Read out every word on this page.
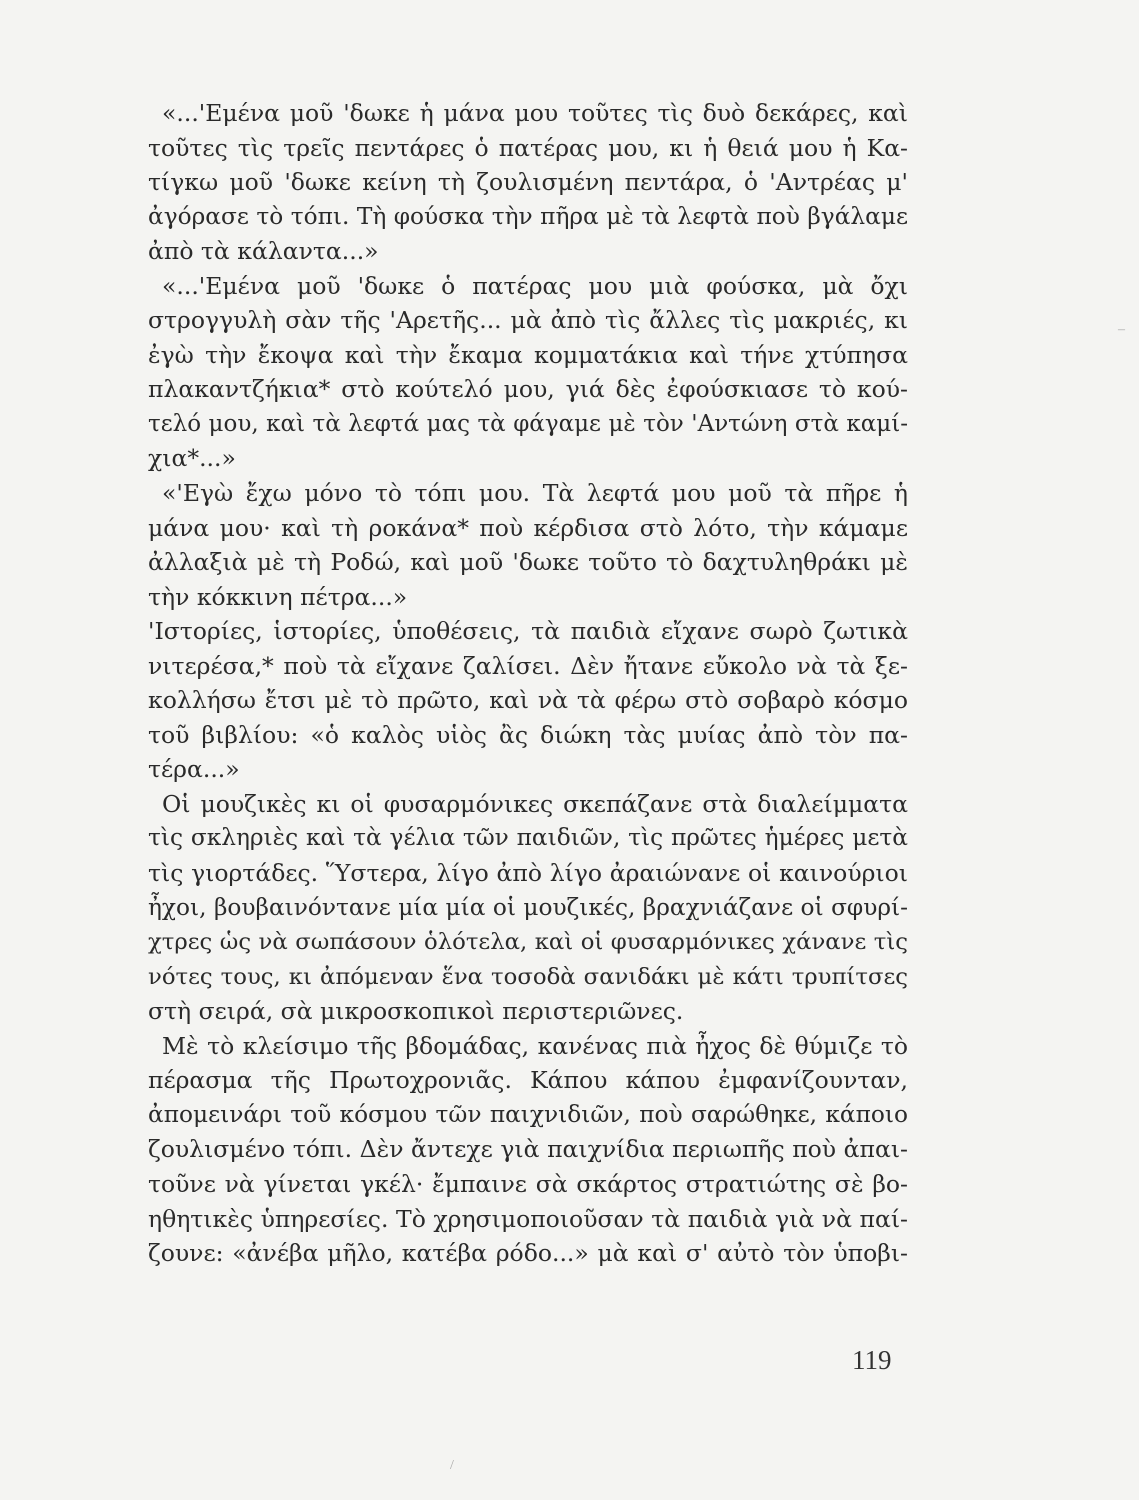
«...'Εμένα μοῦ 'δωκε ἡ μάνα μου τοῦτες τὶς δυὸ δεκάρες, καὶ
τοῦτες τὶς τρεῖς πεντάρες ὁ πατέρας μου, κι ἡ θειά μου ἡ Κα-
τίγκω μοῦ 'δωκε κείνη τὴ ζουλισμένη πεντάρα, ὁ 'Αντρέας μ'
ἀγόρασε τὸ τόπι. Τὴ φούσκα τὴν πῆρα μὲ τὰ λεφτὰ ποὺ βγάλαμε
ἀπὸ τὰ κάλαντα...»
«...'Εμένα μοῦ 'δωκε ὁ πατέρας μου μιὰ φούσκα, μὰ ὄχι
στρογγυλὴ σὰν τῆς 'Αρετῆς... μὰ ἀπὸ τὶς ἄλλες τὶς μακριές, κι
ἐγὼ τὴν ἔκοψα καὶ τὴν ἔκαμα κομματάκια καὶ τήνε χτύπησα
πλακαντζήκια* στὸ κούτελό μου, γιά δὲς ἐφούσκιασε τὸ κού-
τελό μου, καὶ τὰ λεφτά μας τὰ φάγαμε μὲ τὸν 'Αντώνη στὰ καμί-
χια*...»
«'Εγὼ ἔχω μόνο τὸ τόπι μου. Τὰ λεφτά μου μοῦ τὰ πῆρε ἡ
μάνα μου· καὶ τὴ ροκάνα* ποὺ κέρδισα στὸ λότο, τὴν κάμαμε
ἀλλαξιὰ μὲ τὴ Ροδώ, καὶ μοῦ 'δωκε τοῦτο τὸ δαχτυληθράκι μὲ
τὴν κόκκινη πέτρα...»
'Ιστορίες, ἱστορίες, ὑποθέσεις, τὰ παιδιὰ εἴχανε σωρὸ ζωτικὰ
νιτερέσα,* ποὺ τὰ εἴχανε ζαλίσει. Δὲν ἤτανε εὔκολο νὰ τὰ ξε-
κολλήσω ἔτσι μὲ τὸ πρῶτο, καὶ νὰ τὰ φέρω στὸ σοβαρὸ κόσμο
τοῦ βιβλίου: «ὁ καλὸς υἱὸς ἂς διώκη τὰς μυίας ἀπὸ τὸν πα-
τέρα...»
Οἱ μουζικὲς κι οἱ φυσαρμόνικες σκεπάζανε στὰ διαλείμματα
τὶς σκληριὲς καὶ τὰ γέλια τῶν παιδιῶν, τὶς πρῶτες ἡμέρες μετὰ
τὶς γιορτάδες. Ὕστερα, λίγο ἀπὸ λίγο ἀραιώνανε οἱ καινούριοι
ἦχοι, βουβαινόντανε μία μία οἱ μουζικές, βραχνιάζανε οἱ σφυρί-
χτρες ὡς νὰ σωπάσουν ὁλότελα, καὶ οἱ φυσαρμόνικες χάνανε τὶς
νότες τους, κι ἀπόμεναν ἕνα τοσοδὰ σανιδάκι μὲ κάτι τρυπίτσες
στὴ σειρά, σὰ μικροσκοπικοὶ περιστεριῶνες.
Μὲ τὸ κλείσιμο τῆς βδομάδας, κανένας πιὰ ἦχος δὲ θύμιζε τὸ
πέρασμα τῆς Πρωτοχρονιᾶς. Κάπου κάπου ἐμφανίζουνταν,
ἀπομεινάρι τοῦ κόσμου τῶν παιχνιδιῶν, ποὺ σαρώθηκε, κάποιο
ζουλισμένο τόπι. Δὲν ἄντεχε γιὰ παιχνίδια περιωπῆς ποὺ ἀπαι-
τοῦνε νὰ γίνεται γκέλ· ἔμπαινε σὰ σκάρτος στρατιώτης σὲ βο-
ηθητικὲς ὑπηρεσίες. Τὸ χρησιμοποιοῦσαν τὰ παιδιὰ γιὰ νὰ παί-
ζουνε: «ἀνέβα μῆλο, κατέβα ρόδο...» μὰ καὶ σ' αὐτὸ τὸν ὑποβι-
119
–
/
